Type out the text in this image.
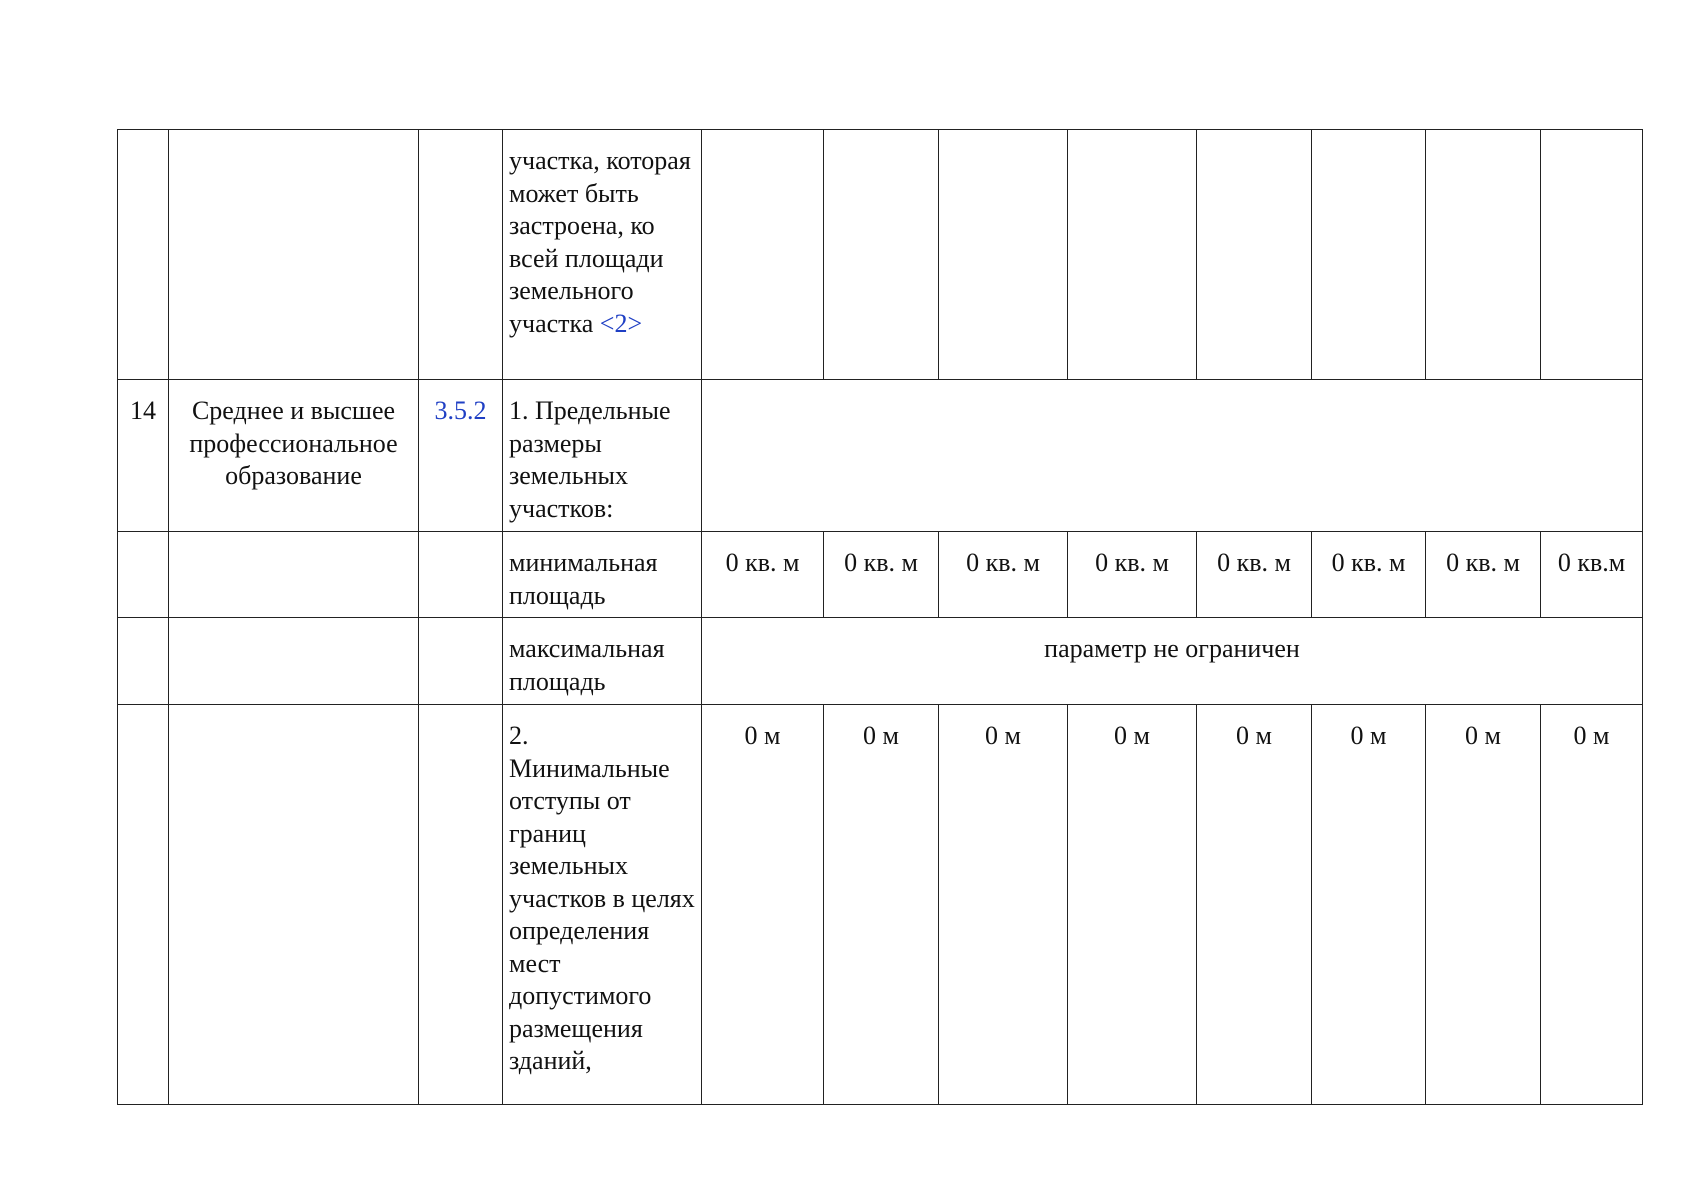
			участка, которая может быть застроена, ко всей площади земельного участка <2>								
14	Среднее и высшее профессиональное образование	3.5.2	1. Предельные размеры земельных участков:								
			минимальная площадь	0 кв. м	0 кв. м	0 кв. м	0 кв. м	0 кв. м	0 кв. м	0 кв. м	0 кв.м
			максимальная площадь	параметр не ограничен							
			2. Минимальные отступы от границ земельных участков в целях определения мест допустимого размещения зданий,	0 м	0 м	0 м	0 м	0 м	0 м	0 м	0 м
